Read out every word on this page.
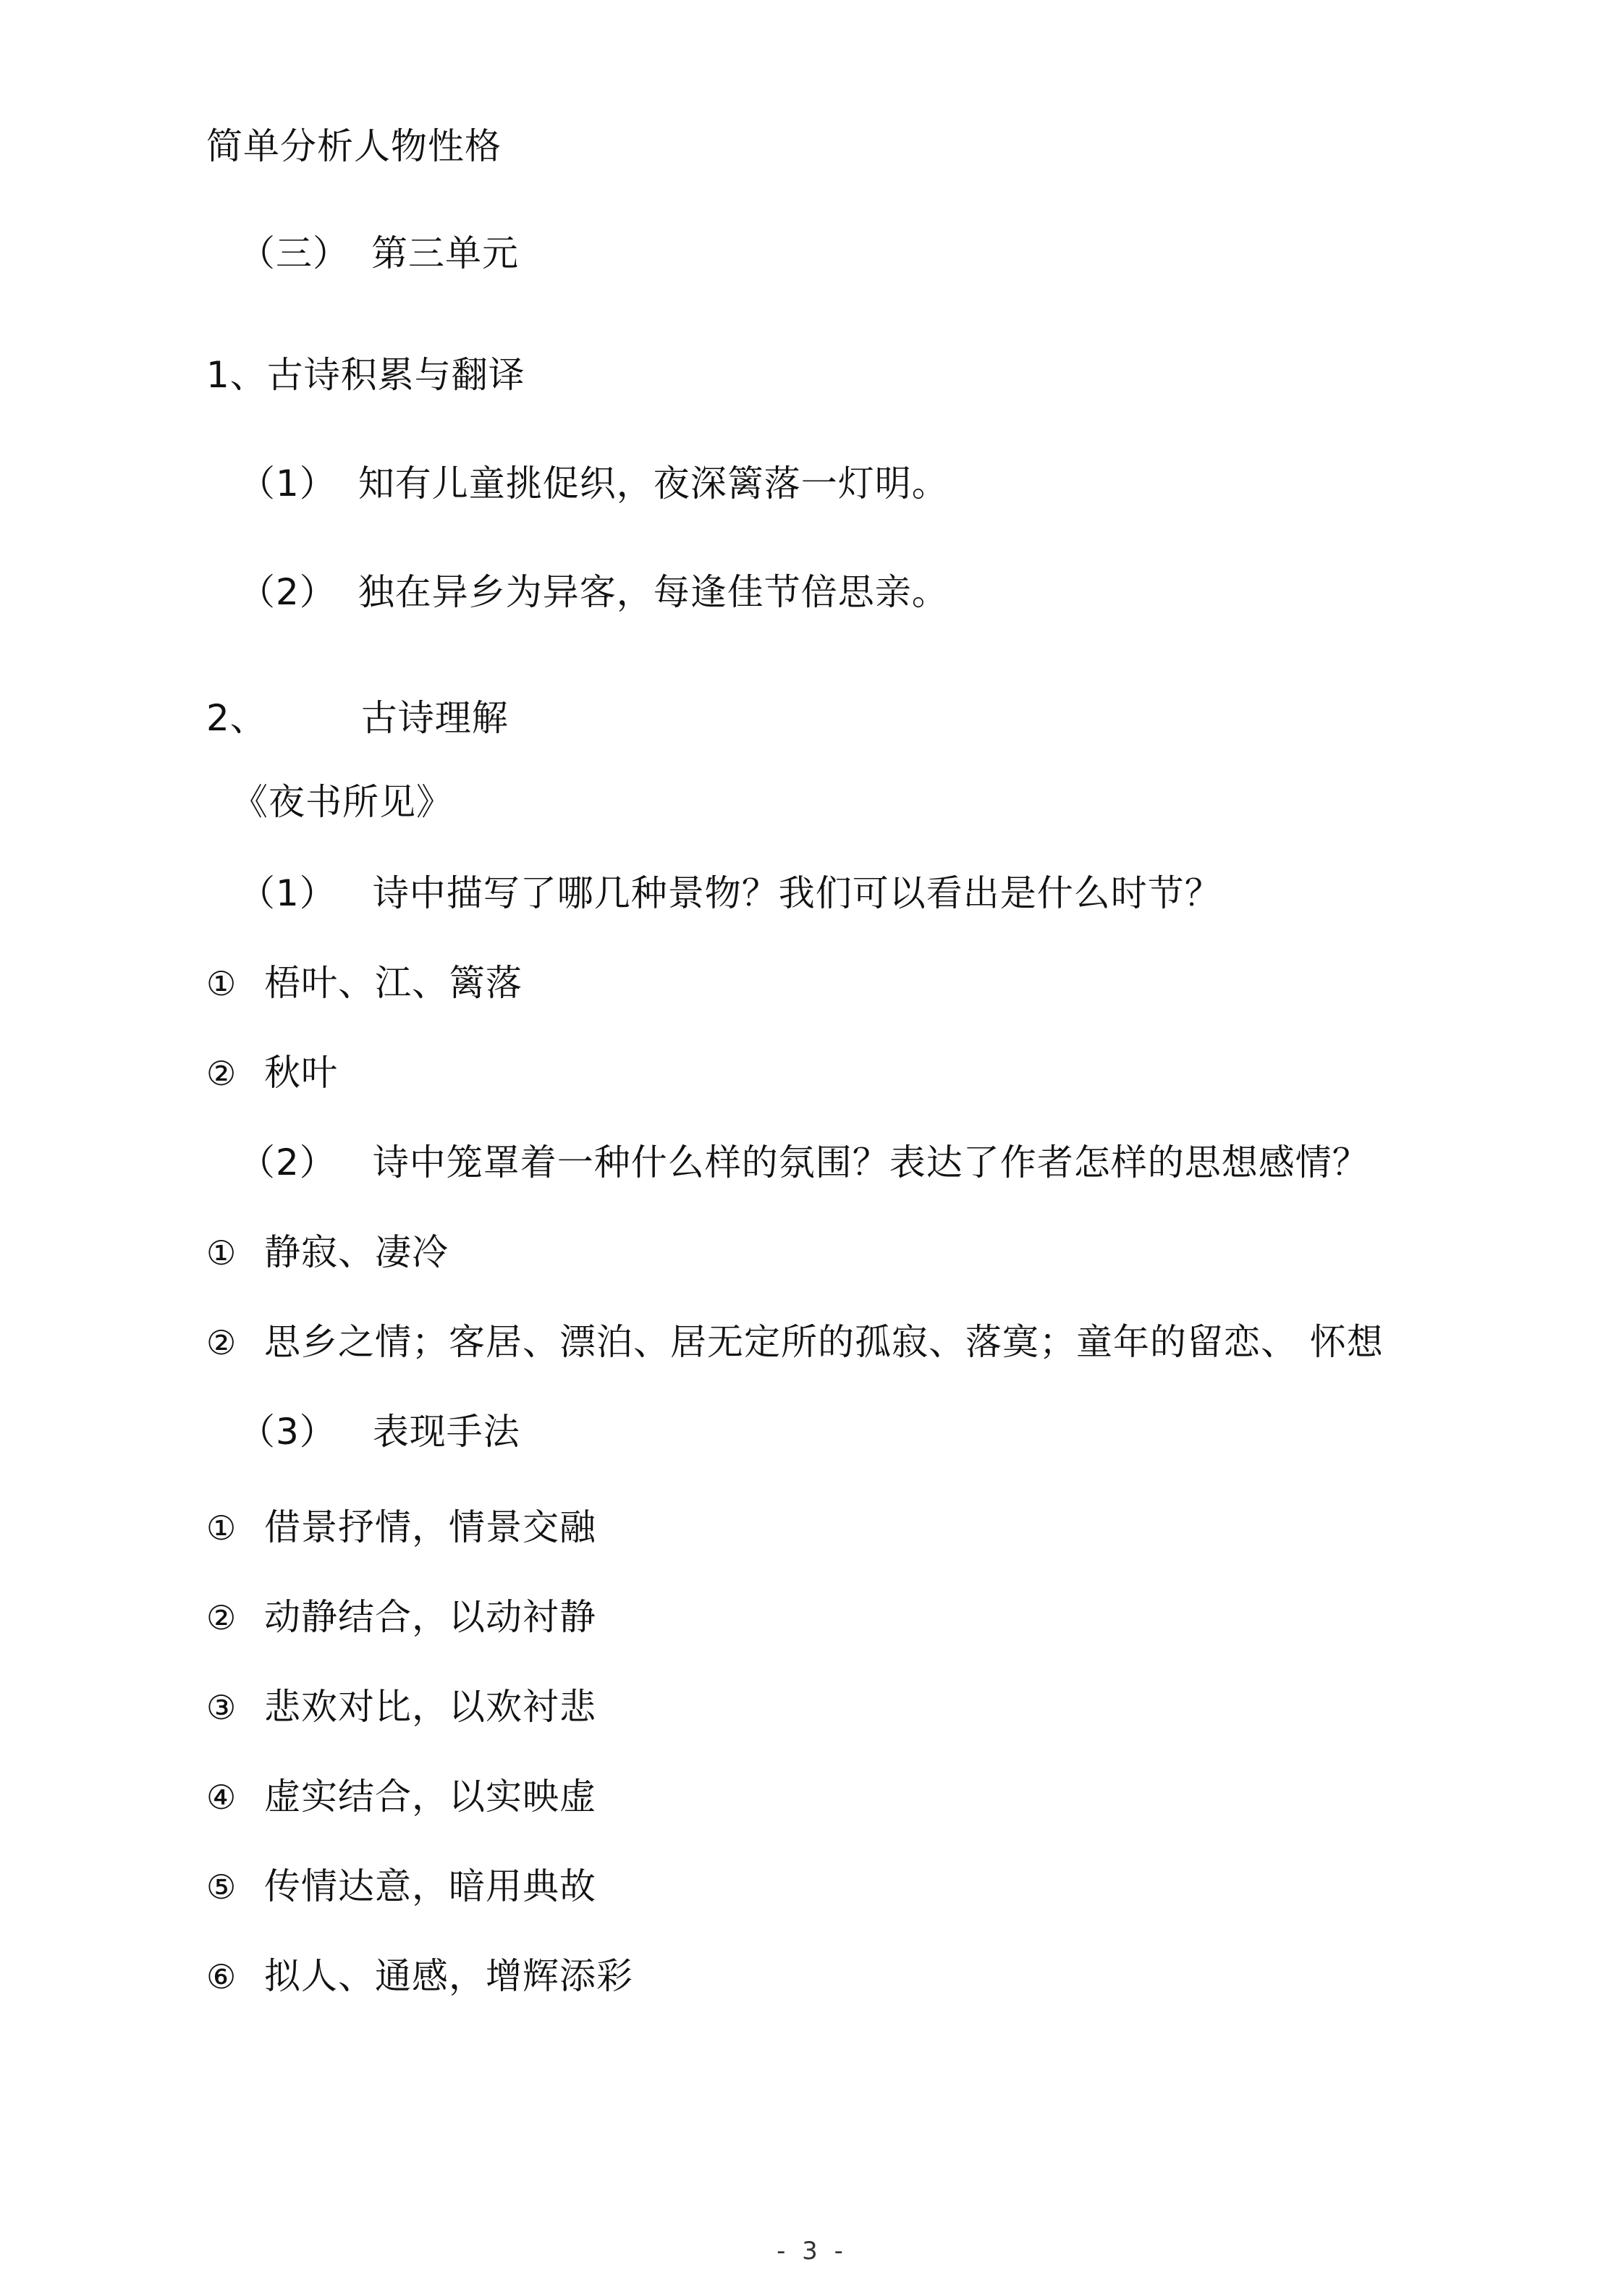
简单分析人物性格
（三） 第三单元
1、古诗积累与翻译
（1） 知有儿童挑促织，夜深篱落一灯明。
（2） 独在异乡为异客，每逢佳节倍思亲。
2、	古诗理解
《夜书所见》
（1） 诗中描写了哪几种景物？我们可以看出是什么时节？
① 梧叶、江、篱落
② 秋叶
（2） 诗中笼罩着一种什么样的氛围？表达了作者怎样的思想感情？
① 静寂、凄冷
② 思乡之情；客居、漂泊、居无定所的孤寂、落寞；童年的留恋、 怀想
（3） 表现手法
① 借景抒情，情景交融
② 动静结合，以动衬静
③ 悲欢对比，以欢衬悲
④ 虚实结合，以实映虚
⑤ 传情达意，暗用典故
⑥ 拟人、通感，增辉添彩
- 3 -
